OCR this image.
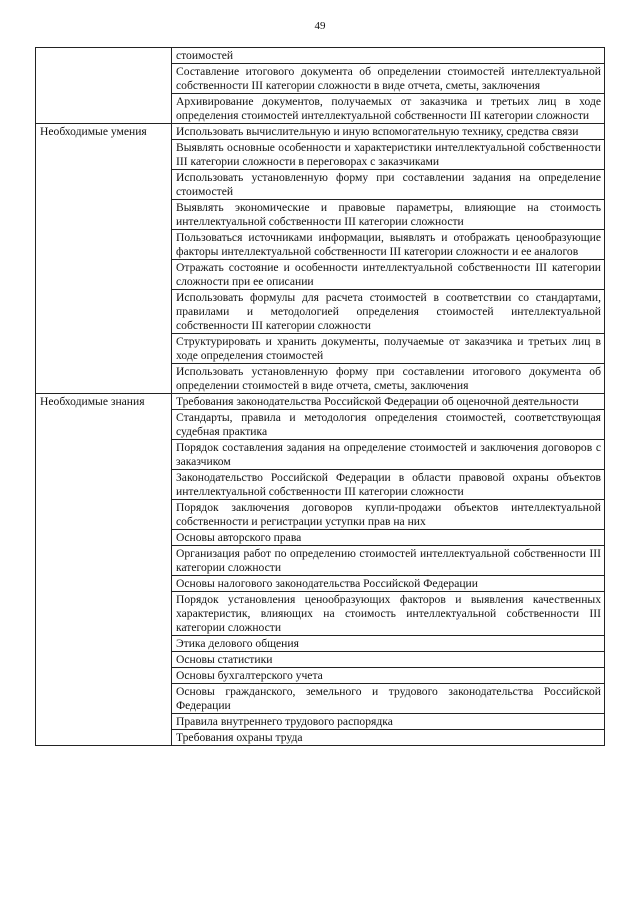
49
	стоимостей
	Составление итогового документа об определении стоимостей интеллектуальной собственности III категории сложности в виде отчета, сметы, заключения
	Архивирование документов, получаемых от заказчика и третьих лиц в ходе определения стоимостей интеллектуальной собственности III категории сложности
Необходимые умения	Использовать вычислительную и иную вспомогательную технику, средства связи
	Выявлять основные особенности и характеристики интеллектуальной собственности III категории сложности в переговорах с заказчиками
	Использовать установленную форму при составлении задания на определение стоимостей
	Выявлять экономические и правовые параметры, влияющие на стоимость интеллектуальной собственности III категории сложности
	Пользоваться источниками информации, выявлять и отображать ценообразующие факторы интеллектуальной собственности III категории сложности и ее аналогов
	Отражать состояние и особенности интеллектуальной собственности III категории сложности при ее описании
	Использовать формулы для расчета стоимостей в соответствии со стандартами, правилами и методологией определения стоимостей интеллектуальной собственности III категории сложности
	Структурировать и хранить документы, получаемые от заказчика и третьих лиц в ходе определения стоимостей
	Использовать установленную форму при составлении итогового документа об определении стоимостей в виде отчета, сметы, заключения
Необходимые знания	Требования законодательства Российской Федерации об оценочной деятельности
	Стандарты, правила и методология определения стоимостей, соответствующая судебная практика
	Порядок составления задания на определение стоимостей и заключения договоров с заказчиком
	Законодательство Российской Федерации в области правовой охраны объектов интеллектуальной собственности III категории сложности
	Порядок заключения договоров купли-продажи объектов интеллектуальной собственности и регистрации уступки прав на них
	Основы авторского права
	Организация работ по определению стоимостей интеллектуальной собственности III категории сложности
	Основы налогового законодательства Российской Федерации
	Порядок установления ценообразующих факторов и выявления качественных характеристик, влияющих на стоимость интеллектуальной собственности III категории сложности
	Этика делового общения
	Основы статистики
	Основы бухгалтерского учета
	Основы гражданского, земельного и трудового законодательства Российской Федерации
	Правила внутреннего трудового распорядка
	Требования охраны труда
